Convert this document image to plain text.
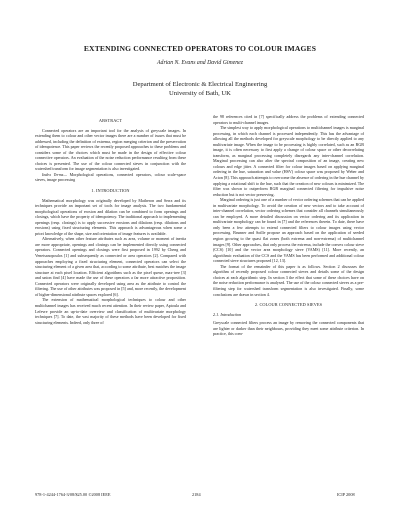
EXTENDING CONNECTED OPERATORS TO COLOUR IMAGES
Adrian N. Evans and David Gimenez
Department of Electronic & Electrical Engineering
University of Bath, UK
ABSTRACT

Connected operators are an important tool for the analysis of greyscale images. In extending them to colour and other vector images there are a number of issues that must be addressed, including the definition of extrema, region merging criterion and the preservation of idempotence. This paper reviews the recently proposed approaches to these problems and considers some of the choices which must be made in the design of effective colour connective operators. An evaluation of the noise reduction performance resulting from these choices is presented. The use of the colour connected sieves in conjunction with the watershed transform for image segmentation is also investigated.

Index Terms— Morphological operations, connected operators, colour scale-space sieves, image processing

1. INTRODUCTION

Mathematical morphology was originally developed by Matheron and Serra and its techniques provide an important set of tools for image analysis. The two fundamental morphological operations of erosion and dilation can be combined to form openings and closings, which have the property of idempotency. The traditional approach to implementing openings (resp. closings) is to apply successive erosions and dilations (resp. dilations and erosions) using fixed structuring elements. This approach is advantageous when some a priori knowledge of the shape, size and orientation of image features is available.

Alternatively, when other feature attributes such as area, volume or moment of inertia are more appropriate, openings and closings can be implemented directly using connected operators. Connected openings and closings were first proposed in 1992 by Cheng and Venetsanopoulos [1] and subsequently as connected or area operators [2]. Compared with approaches employing a fixed structuring element, connected operators can select the structuring element of a given area that, according to some attribute, best matches the image structure at each pixel location. Efficient algorithms such as the pixel queue, max-tree [3] and union find [4] have made the use of these operators a far more attractive proposition. Connected operators were originally developed using area as the attribute to control the filtering. The use of other attributes was proposed in [5] and, more recently, the development of higher-dimensional attribute spaces explored [6].

The extension of mathematical morphological techniques to colour and other multichannel images has received much recent attention. In their review paper, Aptoula and Lefevre provide an up-to-date overview and classification of multivariate morphology techniques [7]. To date, the vast majority of these methods have been developed for fixed structuring elements. Indeed, only three of

the 98 references cited in [7] specifically address the problems of extending connected operators to multi-channel images.

The simplest way to apply morphological operations to multichannel images is marginal processing, in which each channel is processed independently. This has the advantage of allowing all the methods developed for greyscale morphology to be directly applied to any multivariate image. When the image to be processing is highly correlated, such as an RGB image, it is often necessary to first apply a change of colour space or other decorrelating transform, as marginal processing completely disregards any inter-channel correlation. Marginal processing can also alter the spectral composition of an image, creating new colours and edge jitter. A connected filter for colour images based on applying marginal ordering in the hue, saturation and value (HSV) colour space was proposed by Weber and Acton [8]. This approach attempts to overcome the absence of ordering in the hue channel by applying a rotational shift to the hue, such that the creation of new colours is minimized. The filter was shown to outperform RGB marginal connected filtering for impulsive noise reduction but is not vector preserving.

Marginal ordering is just one of a number of vector ordering schemes that can be applied in multivariate morphology. To avoid the creation of new vectors and to take account of inter-channel correlation, vector ordering schemes that consider all channels simultaneously can be employed. A more detailed discussion on vector ordering and its application in multivariate morphology can be found in [7] and the references therein. To date, there have only been a few attempts to extend connected filters to colour images using vector processing. Brunner and Soille propose an approach based on the application of seeded region growing to the quasi flat zones (both extrema and non-extrema) of multichannel images [9]. Other approaches, that only process the extrema, include the convex colour sieve (CCS) [10] and the vector area morphology sieve (VAMS) [11]. More recently, an algorithmic evaluation of the CCS and the VAMS has been performed and additional colour connected sieve structures proposed [12, 13].

The format of the remainder of this paper is as follows. Section 2 discusses the algorithm of recently proposed colour connected sieves and details some of the design choices at each algorithmic step. In section 3 the effect that some of these choices have on the noise reduction performance is analysed. The use of the colour connected sieves as a pre-filtering step for watershed transform segmentation is also investigated. Finally, some conclusions are drawn in section 4.

2. COLOUR CONNECTED SIEVES
2.1. Introduction

Greyscale connected filters process an image by removing the connected components that are lighter or darker than their neighbours, providing they meet some attribute criterion. In practice, this com-

978-1-4244-1764-3/08/$25.00 ©2008 IEEE	2184	ICIP 2008
